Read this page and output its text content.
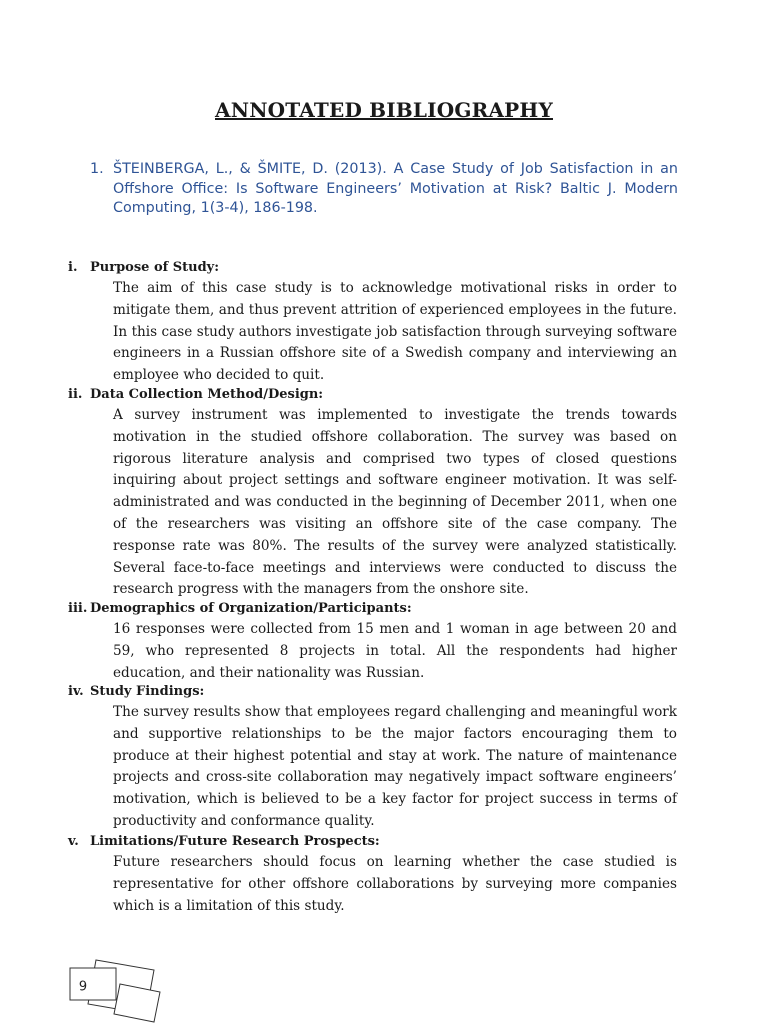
ANNOTATED BIBLIOGRAPHY
1. ŠTEINBERGA, L., & ŠMITE, D. (2013). A Case Study of Job Satisfaction in an Offshore Office: Is Software Engineers’ Motivation at Risk? Baltic J. Modern Computing, 1(3-4), 186-198.
i. Purpose of Study:
The aim of this case study is to acknowledge motivational risks in order to mitigate them, and thus prevent attrition of experienced employees in the future. In this case study authors investigate job satisfaction through surveying software engineers in a Russian offshore site of a Swedish company and interviewing an employee who decided to quit.
ii. Data Collection Method/Design:
A survey instrument was implemented to investigate the trends towards motivation in the studied offshore collaboration. The survey was based on rigorous literature analysis and comprised two types of closed questions inquiring about project settings and software engineer motivation. It was self-administrated and was conducted in the beginning of December 2011, when one of the researchers was visiting an offshore site of the case company. The response rate was 80%. The results of the survey were analyzed statistically. Several face-to-face meetings and interviews were conducted to discuss the research progress with the managers from the onshore site.
iii. Demographics of Organization/Participants:
16 responses were collected from 15 men and 1 woman in age between 20 and 59, who represented 8 projects in total. All the respondents had higher education, and their nationality was Russian.
iv. Study Findings:
The survey results show that employees regard challenging and meaningful work and supportive relationships to be the major factors encouraging them to produce at their highest potential and stay at work. The nature of maintenance projects and cross-site collaboration may negatively impact software engineers’ motivation, which is believed to be a key factor for project success in terms of productivity and conformance quality.
v. Limitations/Future Research Prospects:
Future researchers should focus on learning whether the case studied is representative for other offshore collaborations by surveying more companies which is a limitation of this study.
6
